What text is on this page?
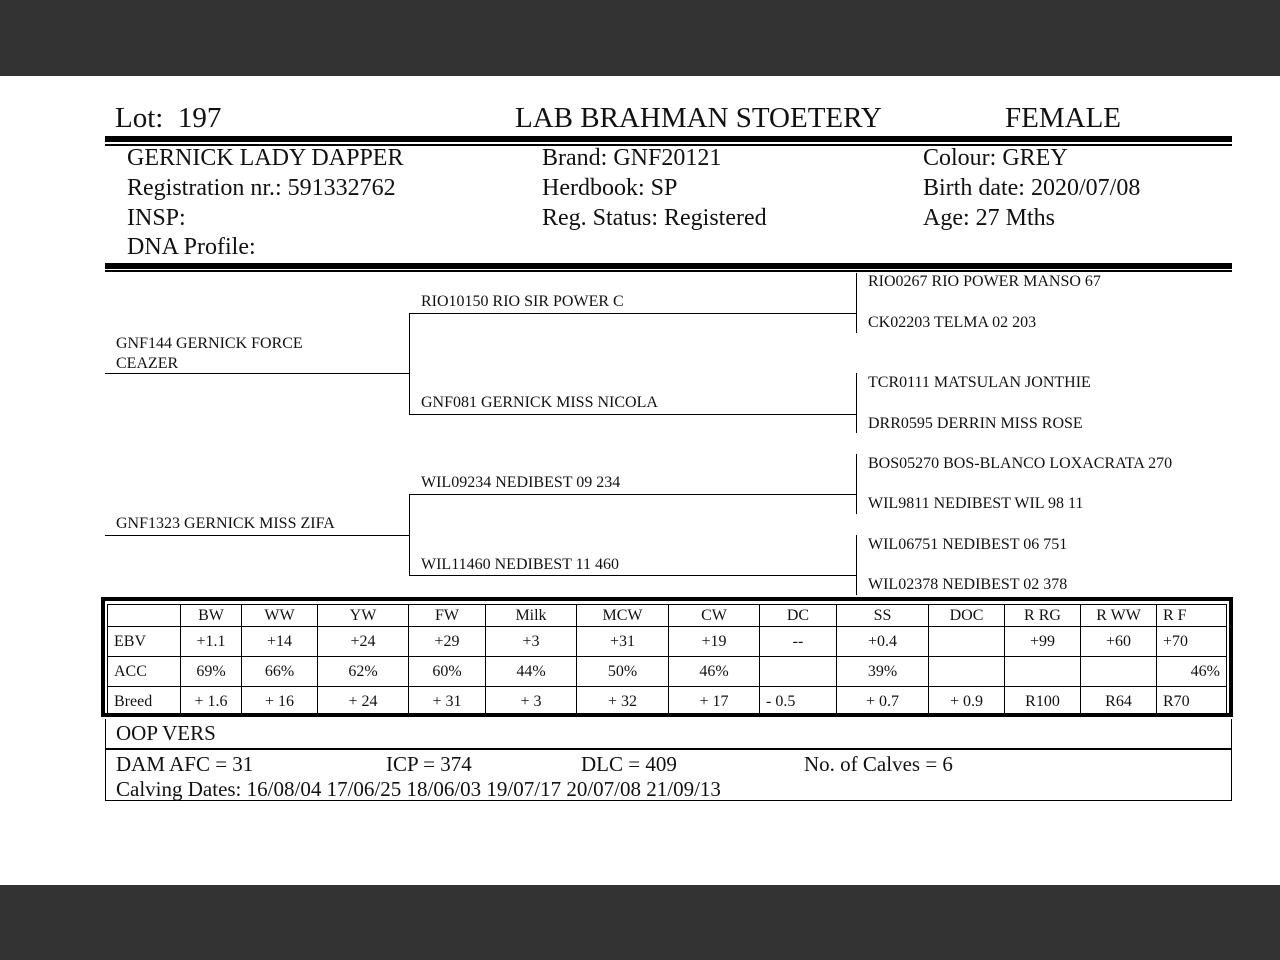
Lot: 197	LAB BRAHMAN STOETERY	FEMALE
GERNICK LADY DAPPER
Registration nr.: 591332762
INSP:
DNA Profile:
Brand: GNF20121
Herdbook: SP
Reg. Status: Registered
Colour: GREY
Birth date: 2020/07/08
Age: 27 Mths
GNF144 GERNICK FORCE CEAZER
GNF1323 GERNICK MISS ZIFA
RIO10150 RIO SIR POWER C
GNF081 GERNICK MISS NICOLA
WIL09234 NEDIBEST 09 234
WIL11460 NEDIBEST 11 460
RIO0267 RIO POWER MANSO 67
CK02203 TELMA 02 203
TCR0111 MATSULAN JONTHIE
DRR0595 DERRIN MISS ROSE
BOS05270 BOS-BLANCO LOXACRATA 270
WIL9811 NEDIBEST WIL 98 11
WIL06751 NEDIBEST 06 751
WIL02378 NEDIBEST 02 378
	BW	WW	YW	FW	Milk	MCW	CW	DC	SS	DOC	R RG	R WW	R F
EBV	+1.1	+14	+24	+29	+3	+31	+19	--	+0.4		+99	+60	+70
ACC	69%	66%	62%	60%	44%	50%	46%		39%				46%
Breed	+ 1.6	+ 16	+ 24	+ 31	+ 3	+ 32	+ 17	- 0.5	+ 0.7	+ 0.9	R100	R64	R70
OOP VERS
DAM AFC = 31	ICP = 374	DLC = 409	No. of Calves = 6
Calving Dates: 16/08/04 17/06/25 18/06/03 19/07/17 20/07/08 21/09/13
